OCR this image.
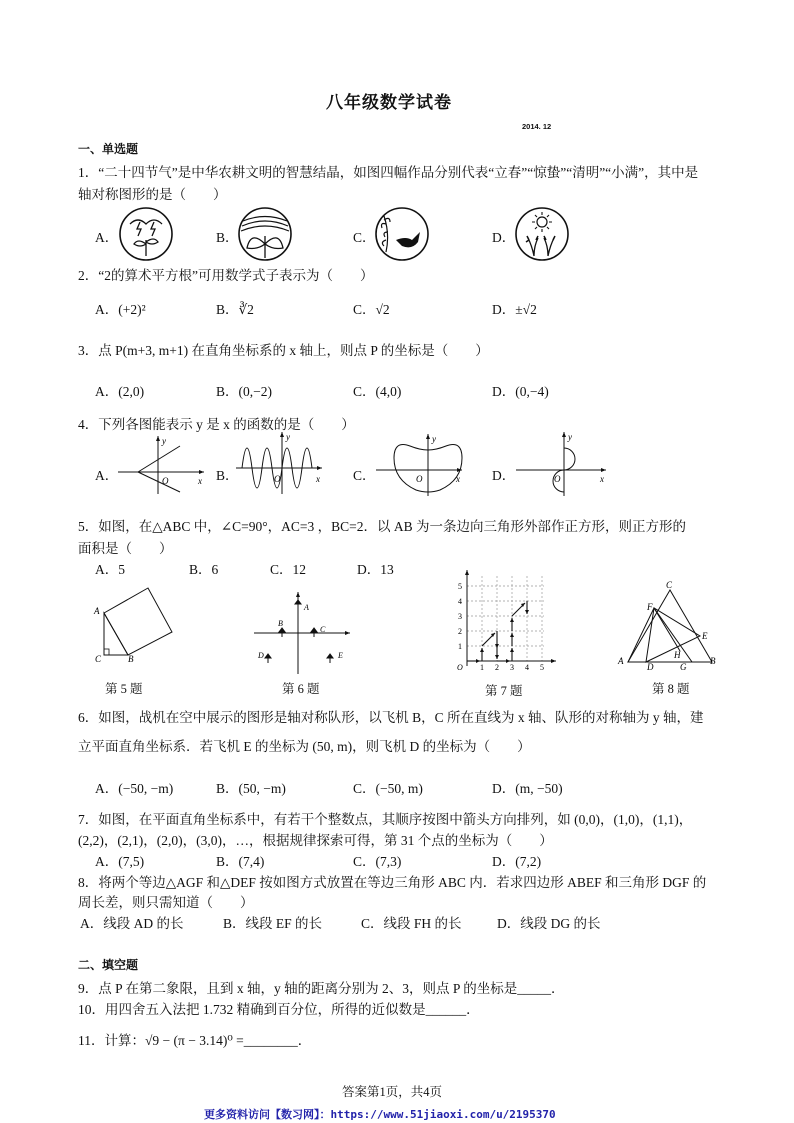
八年级数学试卷
2014. 12
一、单选题
1．“二十四节气”是中华农耕文明的智慧结晶，如图四幅作品分别代表“立春”“惊蛰”“清明”“小满”，其中是
轴对称图形的是（　　）
A．	B．	C．	D．
2．“2的算术平方根”可用数学式子表示为（　　）
A．(+2)²	B．∛2	C．√2	D．±√2
3．点 P(m+3, m+1) 在直角坐标系的 x 轴上，则点 P 的坐标是（　　）
A．(2,0)	B．(0,−2)	C．(4,0)	D．(0,−4)
4．下列各图能表示 y 是 x 的函数的是（　　）
A．	B．	C．	D．
O
y
x	O
y
x	O
y
x	O
y
x
5．如图，在△ABC 中，∠C=90°，AC=3 ，BC=2．以 AB 为一条边向三角形外部作正方形，则正方形的
面积是（　　）
A．5	B．6	C．12	D．13
A
C	B
A
B
C
D	E
O 1 2 3 4 5
1
2
3
4
5	C
F
E
H
A
D	G
B
第 5 题	第 6 题	第 7 题	第 8 题
6．如图，战机在空中展示的图形是轴对称队形，以飞机 B，C 所在直线为 x 轴、队形的对称轴为 y 轴，建
立平面直角坐标系．若飞机 E 的坐标为 (50, m)，则飞机 D 的坐标为（　　）
A．(−50, −m)	B．(50, −m)	C．(−50, m)	D．(m, −50)
7．如图，在平面直角坐标系中，有若干个整数点，其顺序按图中箭头方向排列，如 (0,0)，(1,0)，(1,1)，
(2,2)，(2,1)，(2,0)，(3,0)，…，根据规律探索可得，第 31 个点的坐标为（　　）
A．(7,5)	B．(7,4)	C．(7,3)	D．(7,2)
8．将两个等边△AGF 和△DEF 按如图方式放置在等边三角形 ABC 内．若求四边形 ABEF 和三角形 DGF 的
周长差，则只需知道（　　）
A．线段 AD 的长	B．线段 EF 的长	C．线段 FH 的长	D．线段 DG 的长
二、填空题
9．点 P 在第二象限，且到 x 轴，y 轴的距离分别为 2、3，则点 P 的坐标是_____．
10．用四舍五入法把 1.732 精确到百分位，所得的近似数是______．
11．计算：√9 − (π − 3.14)⁰ =________．
答案第1页，共4页
更多资料访问【数习网】：https://www.51jiaoxi.com/u/2195370
